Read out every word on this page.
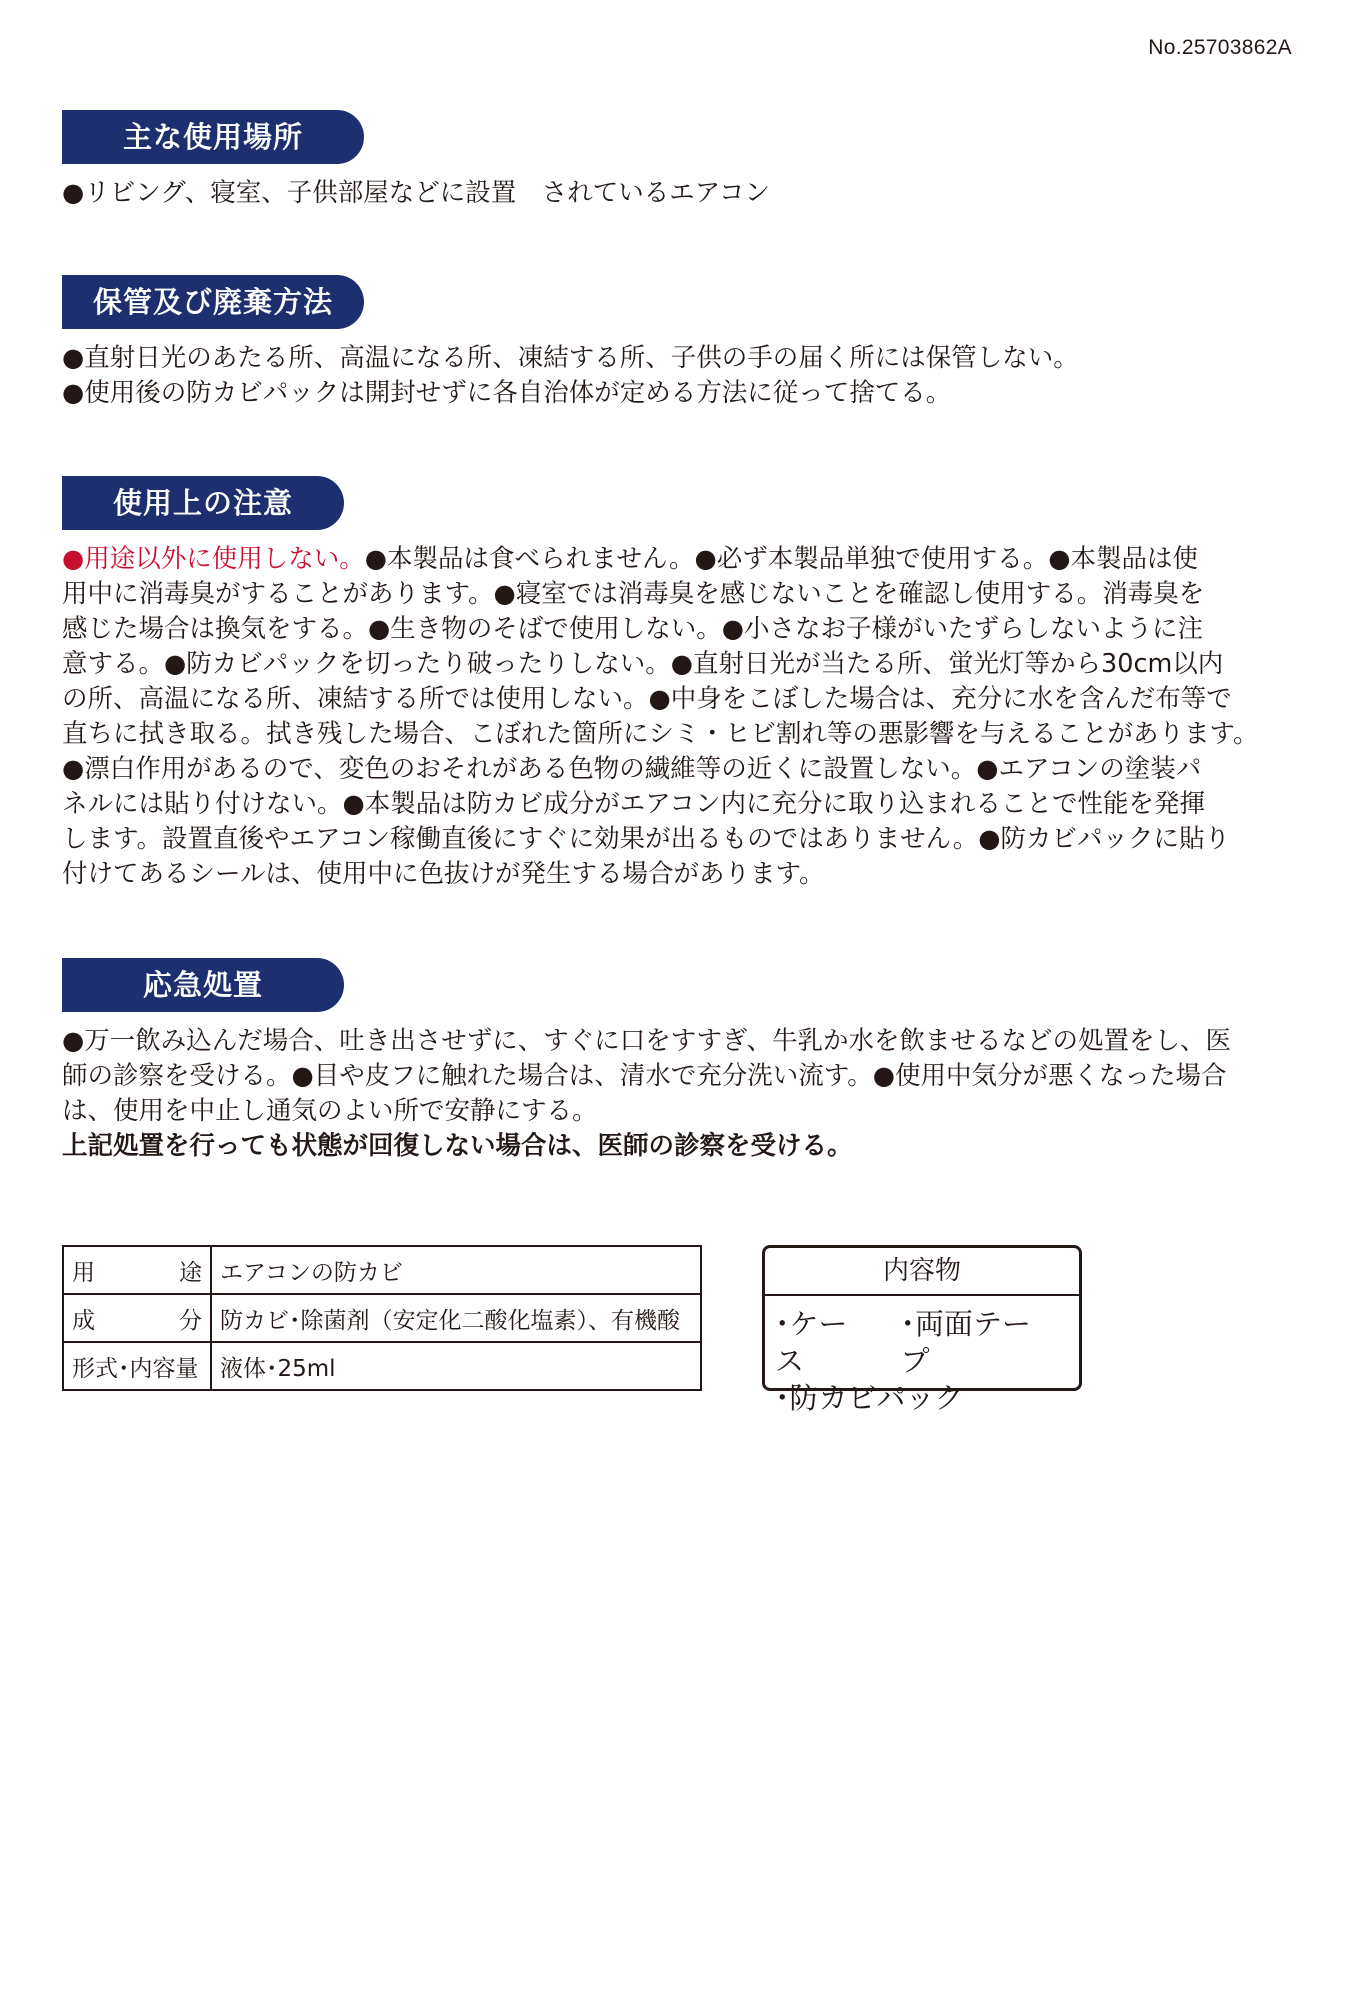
No.25703862A
主な使用場所

●リビング、寝室、子供部屋などに設置　されているエアコン

保管及び廃棄方法

●直射日光のあたる所、高温になる所、凍結する所、子供の手の届く所には保管しない。
●使用後の防カビパックは開封せずに各自治体が定める方法に従って捨てる。

使用上の注意

●用途以外に使用しない。●本製品は食べられません。●必ず本製品単独で使用する。●本製品は使
用中に消毒臭がすることがあります。●寝室では消毒臭を感じないことを確認し使用する。消毒臭を
感じた場合は換気をする。●生き物のそばで使用しない。●小さなお子様がいたずらしないように注
意する。●防カビパックを切ったり破ったりしない。●直射日光が当たる所、蛍光灯等から30cm以内
の所、高温になる所、凍結する所では使用しない。●中身をこぼした場合は、充分に水を含んだ布等で
直ちに拭き取る。拭き残した場合、こぼれた箇所にシミ・ヒビ割れ等の悪影響を与えることがあります。
●漂白作用があるので、変色のおそれがある色物の繊維等の近くに設置しない。●エアコンの塗装パ
ネルには貼り付けない。●本製品は防カビ成分がエアコン内に充分に取り込まれることで性能を発揮
します。設置直後やエアコン稼働直後にすぐに効果が出るものではありません。●防カビパックに貼り
付けてあるシールは、使用中に色抜けが発生する場合があります。

応急処置

●万一飲み込んだ場合、吐き出させずに、すぐに口をすすぎ、牛乳か水を飲ませるなどの処置をし、医
師の診察を受ける。●目や皮フに触れた場合は、清水で充分洗い流す。●使用中気分が悪くなった場合
は、使用を中止し通気のよい所で安静にする。
上記処置を行っても状態が回復しない場合は、医師の診察を受ける。

用 途	エアコンの防カビ

成 分	防カビ･除菌剤（安定化二酸化塩素）、有機酸

形式･内容量	液体･25ml
内容物
･ケース
･両面テープ
･防カビパック
